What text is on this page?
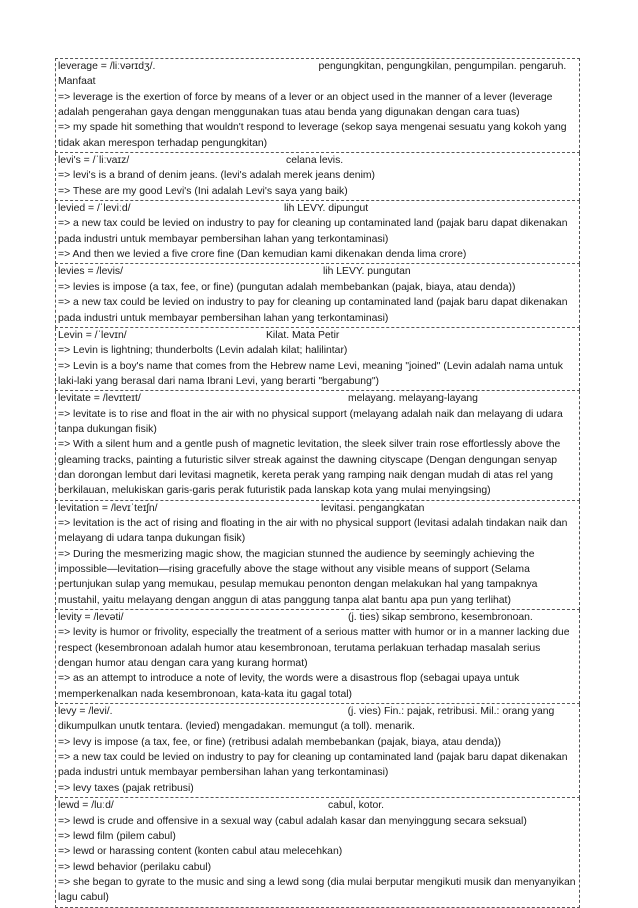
leverage = /liːvərɪdʒ/.	pengungkitan, pengungkilan, pengumpilan. pengaruh. Manfaat
=> leverage is the exertion of force by means of a lever or an object used in the manner of a lever (leverage adalah pengerahan gaya dengan menggunakan tuas atau benda yang digunakan dengan cara tuas)
=> my spade hit something that wouldn't respond to leverage (sekop saya mengenai sesuatu yang kokoh yang tidak akan merespon terhadap pengungkitan)
levi's = /ˈliːvaɪz/	celana levis.
=> levi's is a brand of denim jeans. (levi's adalah merek jeans denim)
=> These are my good Levi's (Ini adalah Levi's saya yang baik)
levied = /ˈleviːd/	lih LEVY. dipungut
=> a new tax could be levied on industry to pay for cleaning up contaminated land (pajak baru dapat dikenakan pada industri untuk membayar pembersihan lahan yang terkontaminasi)
=> And then we levied a five crore fine (Dan kemudian kami dikenakan denda lima crore)
levies = /levis/	lih LEVY. pungutan
=> levies is impose (a tax, fee, or fine) (pungutan adalah membebankan (pajak, biaya, atau denda))
=> a new tax could be levied on industry to pay for cleaning up contaminated land (pajak baru dapat dikenakan pada industri untuk membayar pembersihan lahan yang terkontaminasi)
Levin = /ˈlevɪn/	Kilat. Mata Petir
=> Levin is lightning; thunderbolts (Levin adalah kilat; halilintar)
=> Levin is a boy's name that comes from the Hebrew name Levi, meaning "joined" (Levin adalah nama untuk laki-laki yang berasal dari nama Ibrani Levi, yang berarti "bergabung")
levitate = /levɪteɪt/	melayang. melayang-layang
=> levitate is to rise and float in the air with no physical support (melayang adalah naik dan melayang di udara tanpa dukungan fisik)
=> With a silent hum and a gentle push of magnetic levitation, the sleek silver train rose effortlessly above the gleaming tracks, painting a futuristic silver streak against the dawning cityscape (Dengan dengungan senyap dan dorongan lembut dari levitasi magnetik, kereta perak yang ramping naik dengan mudah di atas rel yang berkilauan, melukiskan garis-garis perak futuristik pada lanskap kota yang mulai menyingsing)
levitation = /levɪˈteɪʃn/	levitasi. pengangkatan
=> levitation is the act of rising and floating in the air with no physical support (levitasi adalah tindakan naik dan melayang di udara tanpa dukungan fisik)
=> During the mesmerizing magic show, the magician stunned the audience by seemingly achieving the impossible—levitation—rising gracefully above the stage without any visible means of support (Selama pertunjukan sulap yang memukau, pesulap memukau penonton dengan melakukan hal yang tampaknya mustahil, yaitu melayang dengan anggun di atas panggung tanpa alat bantu apa pun yang terlihat)
levity = /levəti/	(j. ties) sikap sembrono, kesembronoan.
=> levity is humor or frivolity, especially the treatment of a serious matter with humor or in a manner lacking due respect (kesembronoan adalah humor atau kesembronoan, terutama perlakuan terhadap masalah serius dengan humor atau dengan cara yang kurang hormat)
=> as an attempt to introduce a note of levity, the words were a disastrous flop (sebagai upaya untuk memperkenalkan nada kesembronoan, kata-kata itu gagal total)
levy = /levi/.	(j. vies) Fin.: pajak, retribusi. Mil.: orang yang dikumpulkan unutk tentara. (levied) mengadakan. memungut (a toll). menarik.
=> levy is impose (a tax, fee, or fine) (retribusi adalah membebankan (pajak, biaya, atau denda))
=> a new tax could be levied on industry to pay for cleaning up contaminated land (pajak baru dapat dikenakan pada industri untuk membayar pembersihan lahan yang terkontaminasi)
=> levy taxes (pajak retribusi)
lewd = /luːd/	cabul, kotor.
=> lewd is crude and offensive in a sexual way (cabul adalah kasar dan menyinggung secara seksual)
=> lewd film (pilem cabul)
=> lewd or harassing content (konten cabul atau melecehkan)
=> lewd behavior (perilaku cabul)
=> she began to gyrate to the music and sing a lewd song (dia mulai berputar mengikuti musik dan menyanyikan lagu cabul)
